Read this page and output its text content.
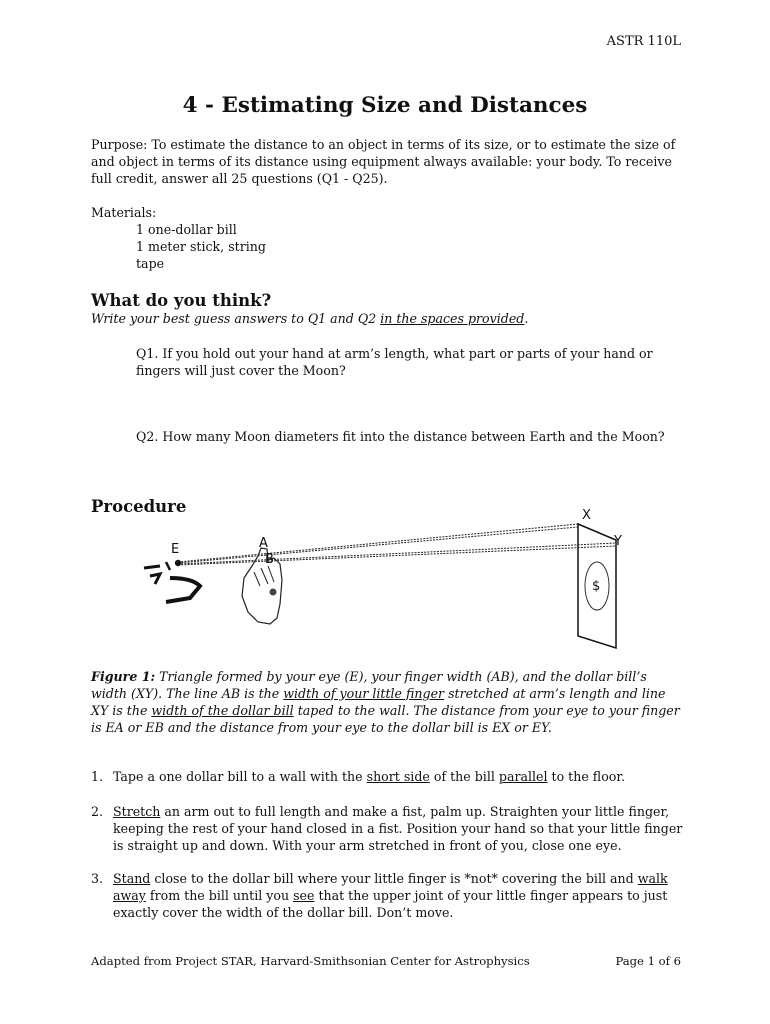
ASTR 110L
4 - Estimating Size and Distances
Purpose: To estimate the distance to an object in terms of its size, or to estimate the size of and object in terms of its distance using equipment always available: your body. To receive full credit, answer all 25 questions (Q1 - Q25).
Materials:
1 one-dollar bill
1 meter stick, string
tape
What do you think?
Write your best guess answers to Q1 and Q2 in the spaces provided.
Q1. If you hold out your hand at arm’s length, what part or parts of your hand or fingers will just cover the Moon?
Q2. How many Moon diameters fit into the distance between Earth and the Moon?
Procedure
E	A
B
X
Y
$
Figure 1: Triangle formed by your eye (E), your finger width (AB), and the dollar bill’s width (XY). The line AB is the width of your little finger stretched at arm’s length and line XY is the width of the dollar bill taped to the wall. The distance from your eye to your finger is EA or EB and the distance from your eye to the dollar bill is EX or EY.
1. Tape a one dollar bill to a wall with the short side of the bill parallel to the floor.
2. Stretch an arm out to full length and make a fist, palm up. Straighten your little finger, keeping the rest of your hand closed in a fist. Position your hand so that your little finger is straight up and down. With your arm stretched in front of you, close one eye.
3. Stand close to the dollar bill where your little finger is *not* covering the bill and walk away from the bill until you see that the upper joint of your little finger appears to just exactly cover the width of the dollar bill. Don’t move.
Adapted from Project STAR, Harvard-Smithsonian Center for Astrophysics	Page 1 of 6
